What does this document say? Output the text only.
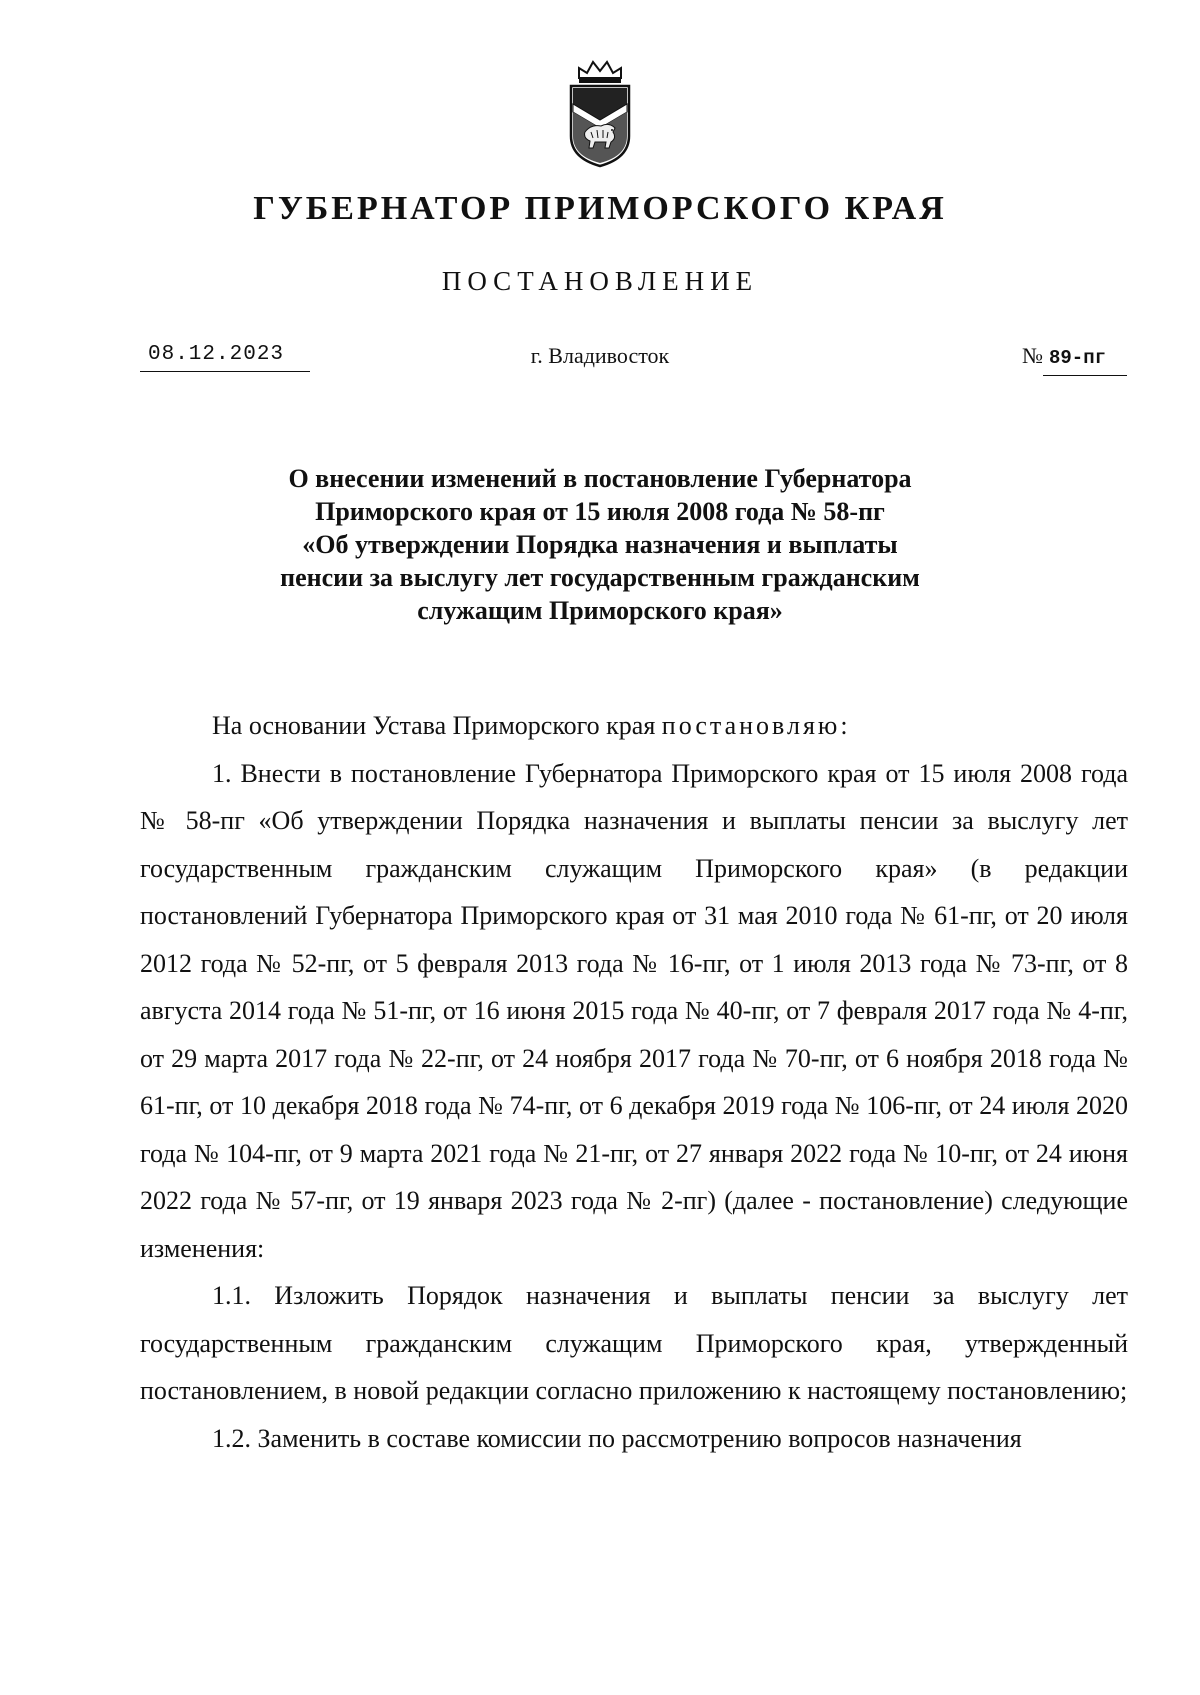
ГУБЕРНАТОР ПРИМОРСКОГО КРАЯ
ПОСТАНОВЛЕНИЕ
08.12.2023	г. Владивосток	№ 89-пг
О внесении изменений в постановление Губернатора
Приморского края от 15 июля 2008 года № 58-пг
«Об утверждении Порядка назначения и выплаты
пенсии за выслугу лет государственным гражданским
служащим Приморского края»

На основании Устава Приморского края постановляю:

1. Внести в постановление Губернатора Приморского края от 15 июля 2008 года № 58-пг «Об утверждении Порядка назначения и выплаты пенсии за выслугу лет государственным гражданским служащим Приморского края» (в редакции постановлений Губернатора Приморского края от 31 мая 2010 года № 61-пг, от 20 июля 2012 года № 52-пг, от 5 февраля 2013 года № 16-пг, от 1 июля 2013 года № 73-пг, от 8 августа 2014 года № 51-пг, от 16 июня 2015 года № 40-пг, от 7 февраля 2017 года № 4-пг, от 29 марта 2017 года № 22-пг, от 24 ноября 2017 года № 70-пг, от 6 ноября 2018 года № 61-пг, от 10 декабря 2018 года № 74-пг, от 6 декабря 2019 года № 106-пг, от 24 июля 2020 года № 104-пг, от 9 марта 2021 года № 21-пг, от 27 января 2022 года № 10-пг, от 24 июня 2022 года № 57-пг, от 19 января 2023 года № 2-пг) (далее - постановление) следующие изменения:

1.1. Изложить Порядок назначения и выплаты пенсии за выслугу лет государственным гражданским служащим Приморского края, утвержденный постановлением, в новой редакции согласно приложению к настоящему постановлению;

1.2. Заменить в составе комиссии по рассмотрению вопросов назначения
